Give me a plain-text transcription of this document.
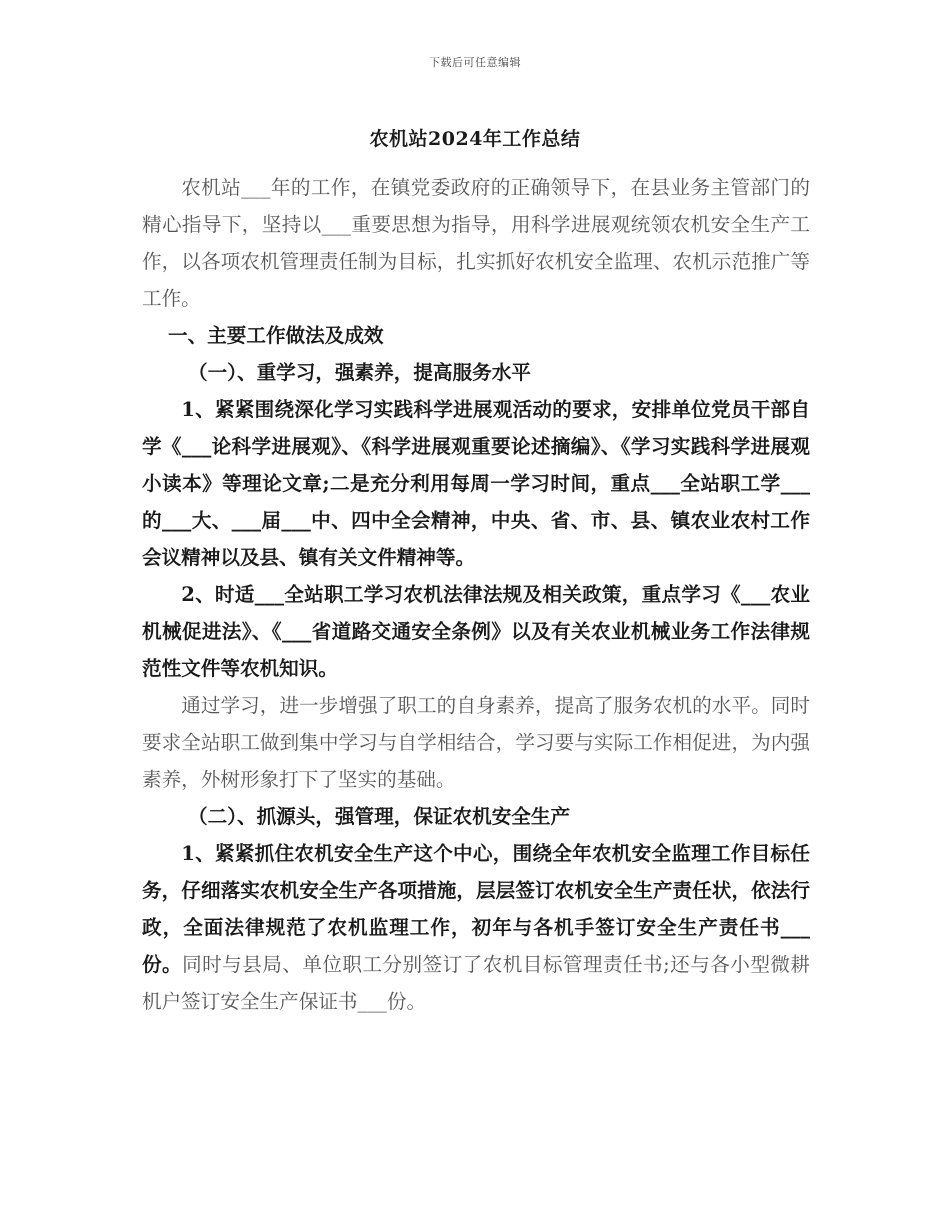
下载后可任意编辑
农机站2024年工作总结

农机站___年的工作，在镇党委政府的正确领导下，在县业务主管部门的精心指导下，坚持以___重要思想为指导，用科学进展观统领农机安全生产工作，以各项农机管理责任制为目标，扎实抓好农机安全监理、农机示范推广等工作。

一、主要工作做法及成效

（一）、重学习，强素养，提高服务水平

1、紧紧围绕深化学习实践科学进展观活动的要求，安排单位党员干部自学《___论科学进展观》、《科学进展观重要论述摘编》、《学习实践科学进展观小读本》等理论文章;二是充分利用每周一学习时间，重点___全站职工学___的___大、___届___中、四中全会精神，中央、省、市、县、镇农业农村工作会议精神以及县、镇有关文件精神等。

2、时适___全站职工学习农机法律法规及相关政策，重点学习《___农业机械促进法》、《___省道路交通安全条例》以及有关农业机械业务工作法律规范性文件等农机知识。

通过学习，进一步增强了职工的自身素养，提高了服务农机的水平。同时要求全站职工做到集中学习与自学相结合，学习要与实际工作相促进，为内强素养，外树形象打下了坚实的基础。

（二）、抓源头，强管理，保证农机安全生产

1、紧紧抓住农机安全生产这个中心，围绕全年农机安全监理工作目标任务，仔细落实农机安全生产各项措施，层层签订农机安全生产责任状，依法行政，全面法律规范了农机监理工作，初年与各机手签订安全生产责任书___份。同时与县局、单位职工分别签订了农机目标管理责任书;还与各小型微耕机户签订安全生产保证书___份。
